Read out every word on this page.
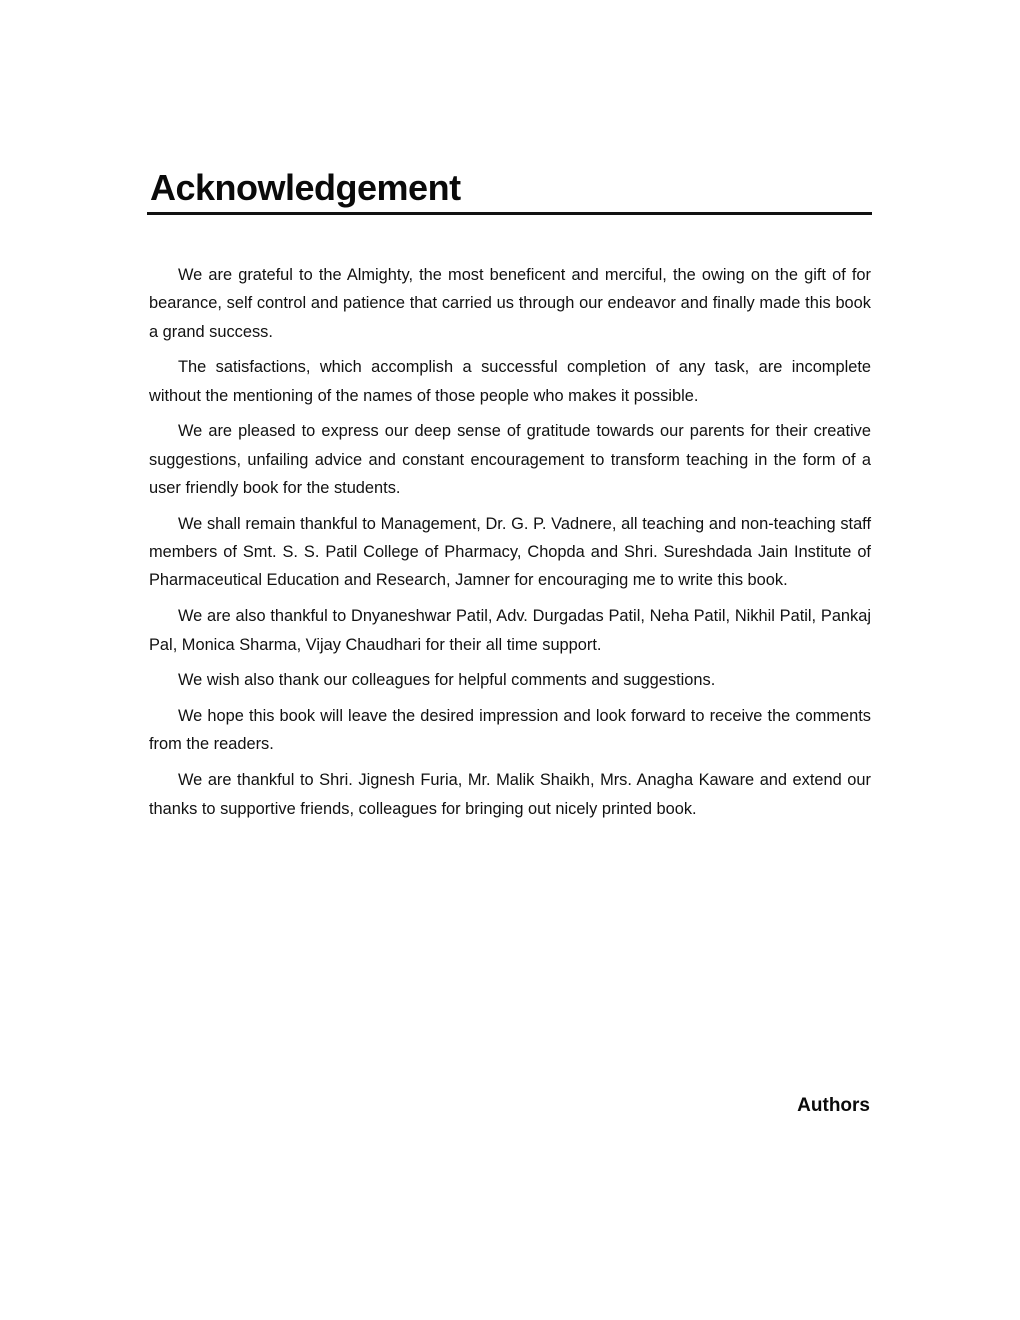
Acknowledgement

We are grateful to the Almighty, the most beneficent and merciful, the owing on the gift of for bearance, self control and patience that carried us through our endeavor and finally made this book a grand success.

The satisfactions, which accomplish a successful completion of any task, are incomplete without the mentioning of the names of those people who makes it possible.

We are pleased to express our deep sense of gratitude towards our parents for their creative suggestions, unfailing advice and constant encouragement to transform teaching in the form of a user friendly book for the students.

We shall remain thankful to Management, Dr. G. P. Vadnere, all teaching and non-teaching staff members of Smt. S. S. Patil College of Pharmacy, Chopda and Shri. Sureshdada Jain Institute of Pharmaceutical Education and Research, Jamner for encouraging me to write this book.

We are also thankful to Dnyaneshwar Patil, Adv. Durgadas Patil, Neha Patil, Nikhil Patil, Pankaj Pal, Monica Sharma, Vijay Chaudhari for their all time support.

We wish also thank our colleagues for helpful comments and suggestions.

We hope this book will leave the desired impression and look forward to receive the comments from the readers.

We are thankful to Shri. Jignesh Furia, Mr. Malik Shaikh, Mrs. Anagha Kaware and extend our thanks to supportive friends, colleagues for bringing out nicely printed book.

Authors
